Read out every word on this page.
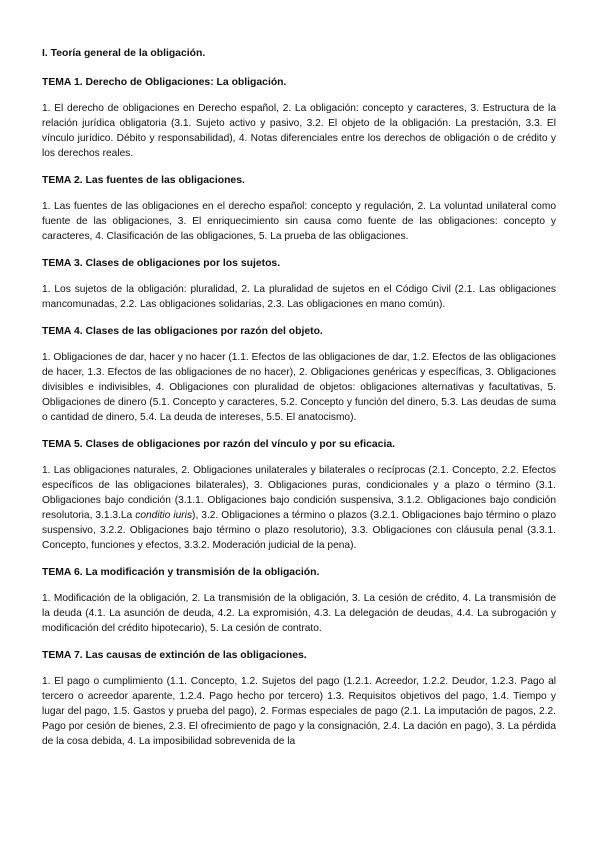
I. Teoría general de la obligación.
TEMA 1. Derecho de Obligaciones: La obligación.

1. El derecho de obligaciones en Derecho español, 2. La obligación: concepto y caracteres, 3. Estructura de la relación jurídica obligatoria (3.1. Sujeto activo y pasivo, 3.2. El objeto de la obligación. La prestación, 3.3. El vínculo jurídico. Débito y responsabilidad), 4. Notas diferenciales entre los derechos de obligación o de crédito y los derechos reales.

TEMA 2. Las fuentes de las obligaciones.

1. Las fuentes de las obligaciones en el derecho español: concepto y regulación, 2. La voluntad unilateral como fuente de las obligaciones, 3. El enriquecimiento sin causa como fuente de las obligaciones: concepto y caracteres, 4. Clasificación de las obligaciones, 5. La prueba de las obligaciones.

TEMA 3. Clases de obligaciones por los sujetos.

1. Los sujetos de la obligación: pluralidad, 2. La pluralidad de sujetos en el Código Civil (2.1. Las obligaciones mancomunadas, 2.2. Las obligaciones solidarias, 2.3. Las obligaciones en mano común).

TEMA 4. Clases de las obligaciones por razón del objeto.

1. Obligaciones de dar, hacer y no hacer (1.1. Efectos de las obligaciones de dar, 1.2. Efectos de las obligaciones de hacer, 1.3. Efectos de las obligaciones de no hacer), 2. Obligaciones genéricas y específicas, 3. Obligaciones divisibles e indivisibles, 4. Obligaciones con pluralidad de objetos: obligaciones alternativas y facultativas, 5. Obligaciones de dinero (5.1. Concepto y caracteres, 5.2. Concepto y función del dinero, 5.3. Las deudas de suma o cantidad de dinero, 5.4. La deuda de intereses, 5.5. El anatocismo).

TEMA 5. Clases de obligaciones por razón del vínculo y por su eficacia.

1. Las obligaciones naturales, 2. Obligaciones unilaterales y bilaterales o recíprocas (2.1. Concepto, 2.2. Efectos específicos de las obligaciones bilaterales), 3. Obligaciones puras, condicionales y a plazo o término (3.1. Obligaciones bajo condición (3.1.1. Obligaciones bajo condición suspensiva, 3.1.2. Obligaciones bajo condición resolutoria, 3.1.3.La conditio iuris), 3.2. Obligaciones a término o plazos (3.2.1. Obligaciones bajo término o plazo suspensivo, 3.2.2. Obligaciones bajo término o plazo resolutorio), 3.3. Obligaciones con cláusula penal (3.3.1. Concepto, funciones y efectos, 3.3.2. Moderación judicial de la pena).

TEMA 6. La modificación y transmisión de la obligación.

1. Modificación de la obligación, 2. La transmisión de la obligación, 3. La cesión de crédito, 4. La transmisión de la deuda (4.1. La asunción de deuda, 4.2. La expromisión, 4.3. La delegación de deudas, 4.4. La subrogación y modificación del crédito hipotecario), 5. La cesión de contrato.

TEMA 7. Las causas de extinción de las obligaciones.

1. El pago o cumplimiento (1.1. Concepto, 1.2. Sujetos del pago (1.2.1. Acreedor, 1.2.2. Deudor, 1.2.3. Pago al tercero o acreedor aparente, 1.2.4. Pago hecho por tercero) 1.3. Requisitos objetivos del pago, 1.4. Tiempo y lugar del pago, 1.5. Gastos y prueba del pago), 2. Formas especiales de pago (2.1. La imputación de pagos, 2.2. Pago por cesión de bienes, 2.3. El ofrecimiento de pago y la consignación, 2.4. La dación en pago), 3. La pérdida de la cosa debida, 4. La imposibilidad sobrevenida de la
